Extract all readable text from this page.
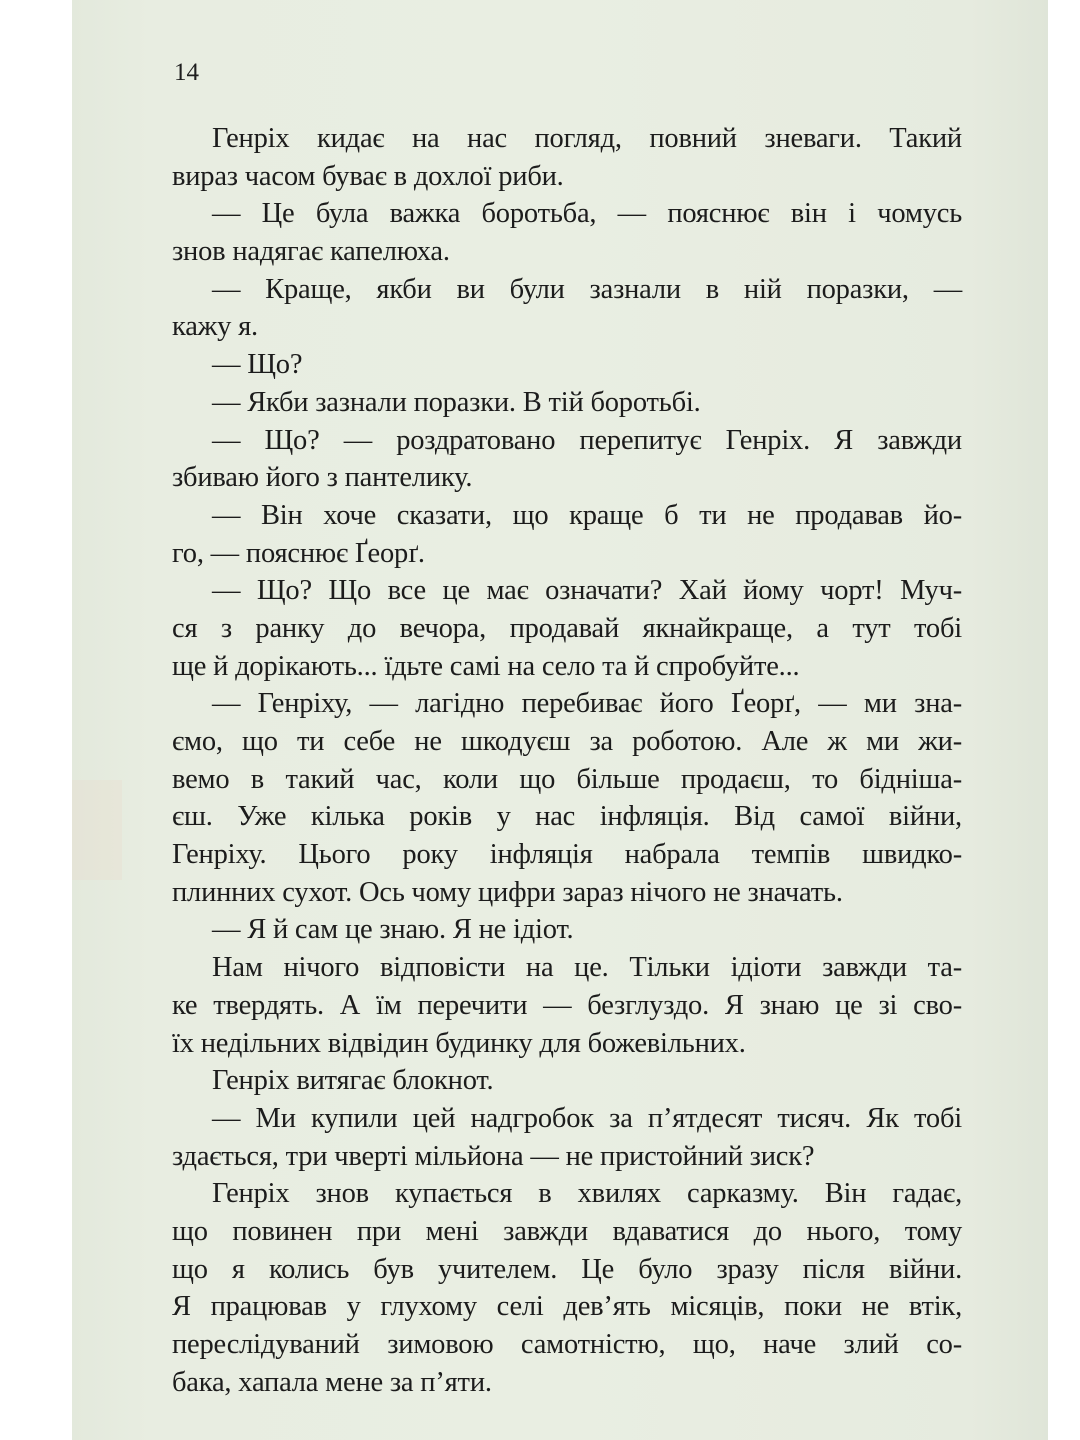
14
Генріх кидає на нас погляд, повний зневаги. Такий
вираз часом буває в дохлої риби.
— Це була важка боротьба, — пояснює він і чомусь
знов надягає капелюха.
— Краще, якби ви були зазнали в ній поразки, —
кажу я.
— Що?
— Якби зазнали поразки. В тій боротьбі.
— Що? — роздратовано перепитує Генріх. Я завжди
збиваю його з пантелику.
— Він хоче сказати, що краще б ти не продавав йо-
го, — пояснює Ґеорґ.
— Що? Що все це має означати? Хай йому чорт! Муч-
ся з ранку до вечора, продавай якнайкраще, а тут тобі
ще й дорікають... їдьте самі на село та й спробуйте...
— Генріху, — лагідно перебиває його Ґеорґ, — ми зна-
ємо, що ти себе не шкодуєш за роботою. Але ж ми жи-
вемо в такий час, коли що більше продаєш, то бідніша-
єш. Уже кілька років у нас інфляція. Від самої війни,
Генріху. Цього року інфляція набрала темпів швидко-
плинних сухот. Ось чому цифри зараз нічого не значать.
— Я й сам це знаю. Я не ідіот.
Нам нічого відповісти на це. Тільки ідіоти завжди та-
ке твердять. А їм перечити — безглуздо. Я знаю це зі сво-
їх недільних відвідин будинку для божевільних.
Генріх витягає блокнот.
— Ми купили цей надгробок за п’ятдесят тисяч. Як тобі
здається, три чверті мільйона — не пристойний зиск?
Генріх знов купається в хвилях сарказму. Він гадає,
що повинен при мені завжди вдаватися до нього, тому
що я колись був учителем. Це було зразу після війни.
Я працював у глухому селі дев’ять місяців, поки не втік,
переслідуваний зимовою самотністю, що, наче злий со-
бака, хапала мене за п’яти.
